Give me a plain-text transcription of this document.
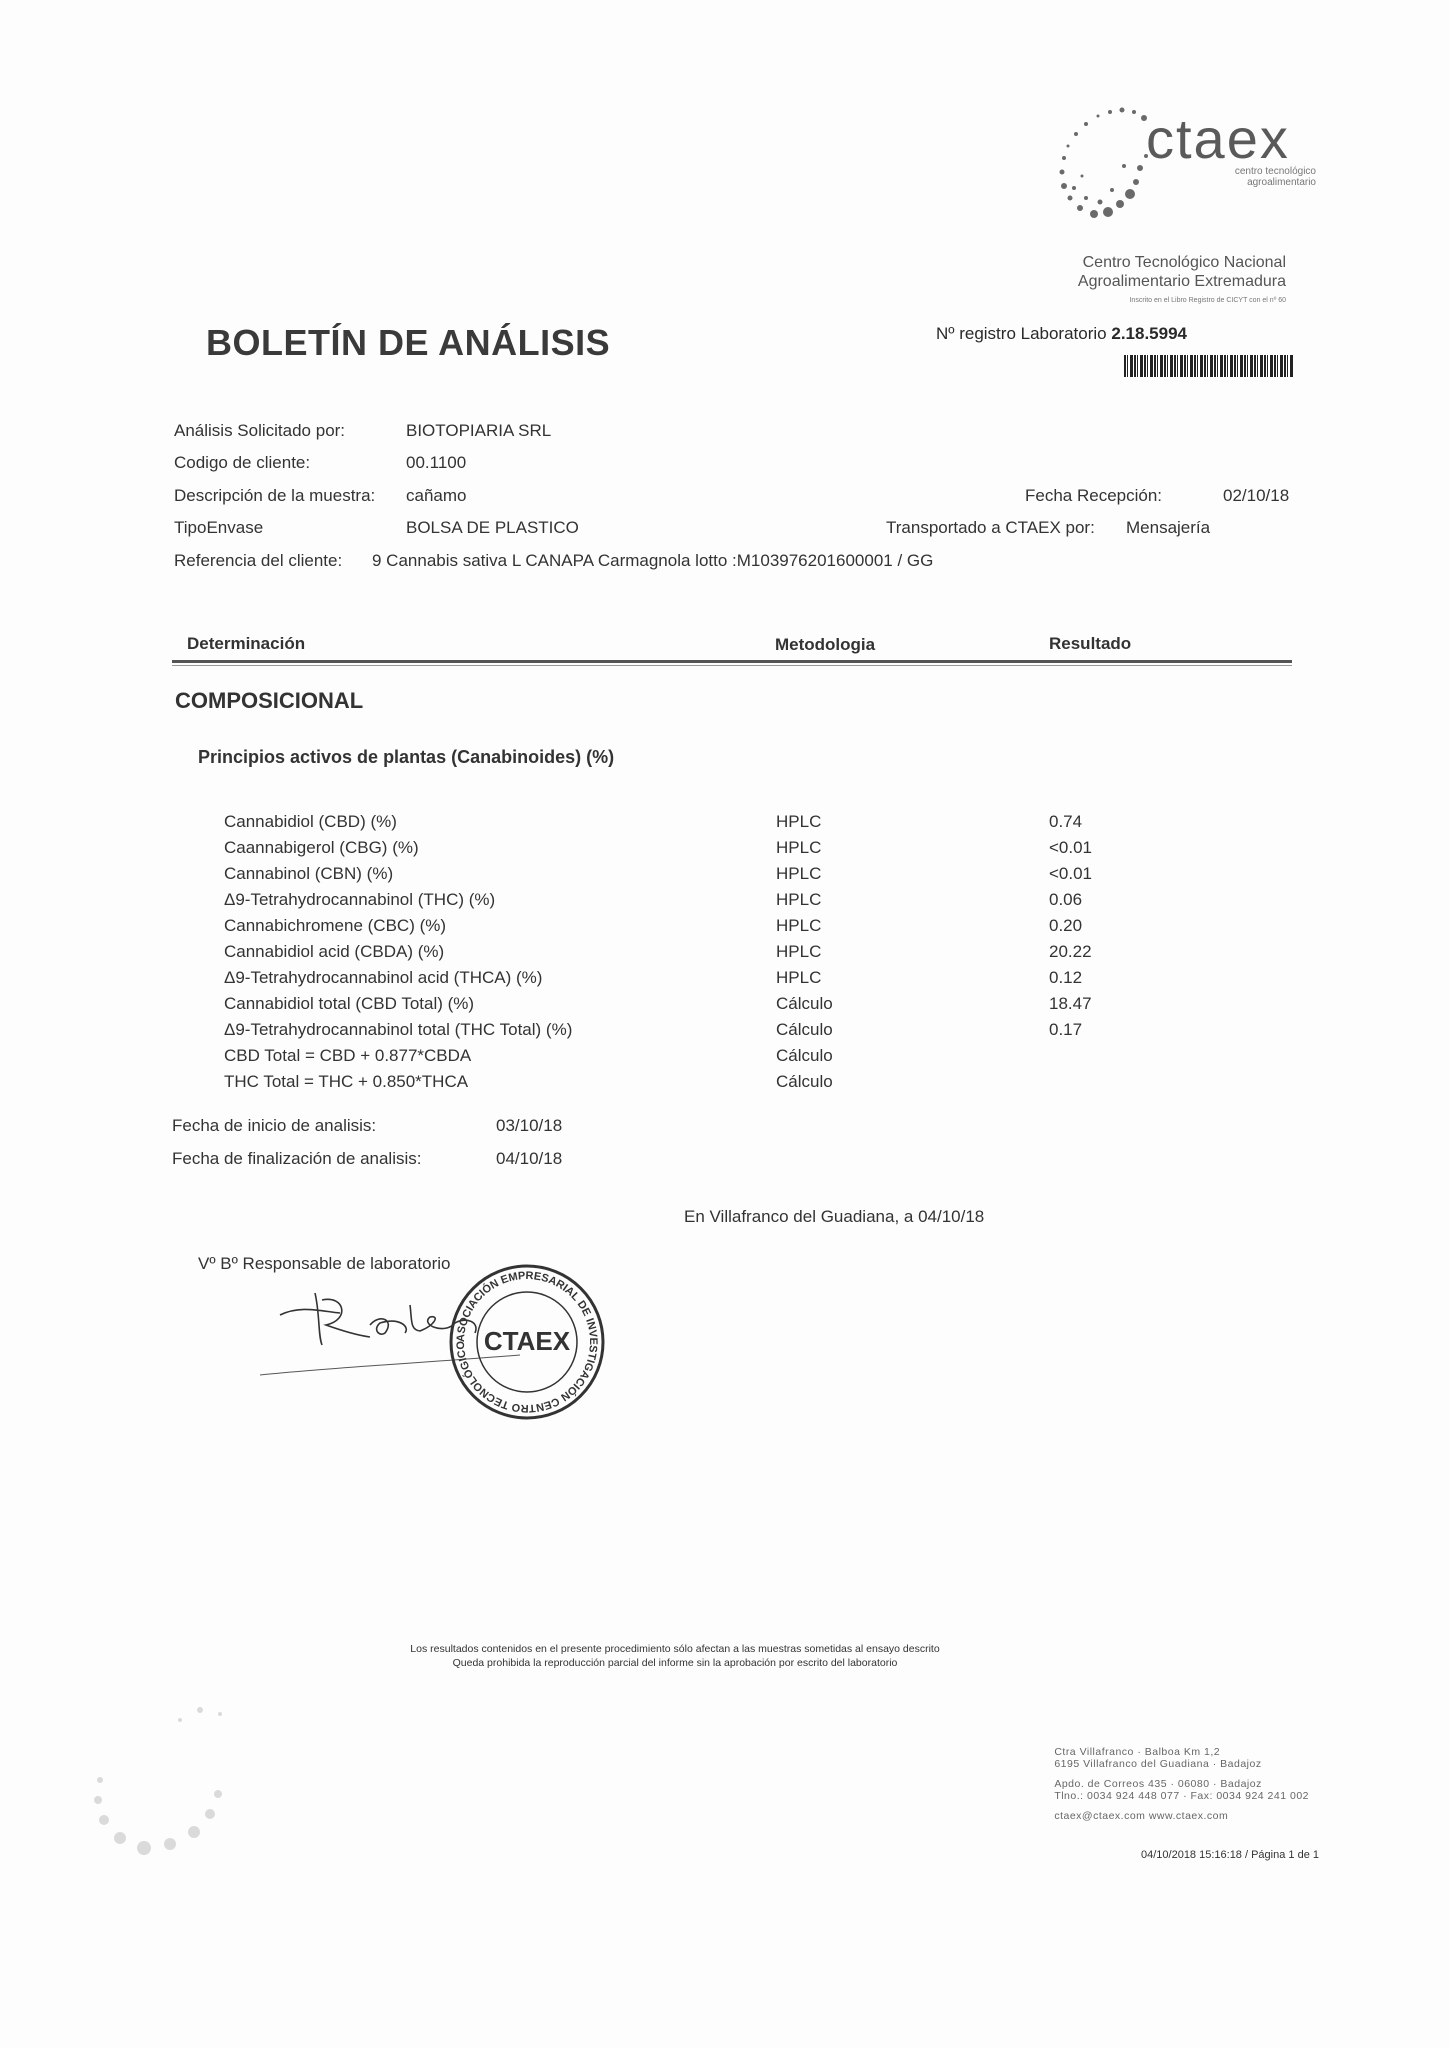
ctaex
centro tecnológico
agroalimentario
Centro Tecnológico Nacional
Agroalimentario Extremadura
Inscrito en el Libro Registro de CICYT con el nº 60
BOLETÍN DE ANÁLISIS	Nº registro Laboratorio 2.18.5994
Análisis Solicitado por:	BIOTOPIARIA SRL
Codigo de cliente:	00.1100
Descripción de la muestra: cañamo	Fecha Recepción:	02/10/18
TipoEnvase	BOLSA DE PLASTICO	Transportado a CTAEX por: Mensajería
Referencia del cliente: 9 Cannabis sativa L CANAPA Carmagnola lotto :M103976201600001 / GG
Determinación	Metodologia	Resultado
COMPOSICIONAL
Principios activos de plantas (Canabinoides) (%)
Cannabidiol (CBD) (%)	HPLC	0.74
Caannabigerol (CBG) (%)	HPLC	<0.01
Cannabinol (CBN) (%)	HPLC	<0.01
Δ9-Tetrahydrocannabinol (THC) (%)	HPLC	0.06
Cannabichromene (CBC) (%)	HPLC	0.20
Cannabidiol acid (CBDA) (%)	HPLC	20.22
Δ9-Tetrahydrocannabinol acid (THCA) (%)	HPLC	0.12
Cannabidiol total (CBD Total) (%)	Cálculo	18.47
Δ9-Tetrahydrocannabinol total (THC Total) (%)	Cálculo	0.17
CBD Total = CBD + 0.877*CBDA	Cálculo
THC Total = THC + 0.850*THCA	Cálculo
Fecha de inicio de analisis:	03/10/18
Fecha de finalización de analisis:	04/10/18
En Villafranco del Guadiana, a 04/10/18
Vº Bº Responsable de laboratorio
ASOCIACIÓN EMPRESARIAL DE INVESTIGACIÓN CENTRO TECNOLÓGICO CTAEX
Los resultados contenidos en el presente procedimiento sólo afectan a las muestras sometidas al ensayo descrito
Queda prohibida la reproducción parcial del informe sin la aprobación por escrito del laboratorio
Ctra Villafranco · Balboa Km 1,2
6195 Villafranco del Guadiana · Badajoz
Apdo. de Correos 435 · 06080 · Badajoz
Tlno.: 0034 924 448 077 · Fax: 0034 924 241 002
ctaex@ctaex.com www.ctaex.com
04/10/2018 15:16:18 / Página 1 de 1
